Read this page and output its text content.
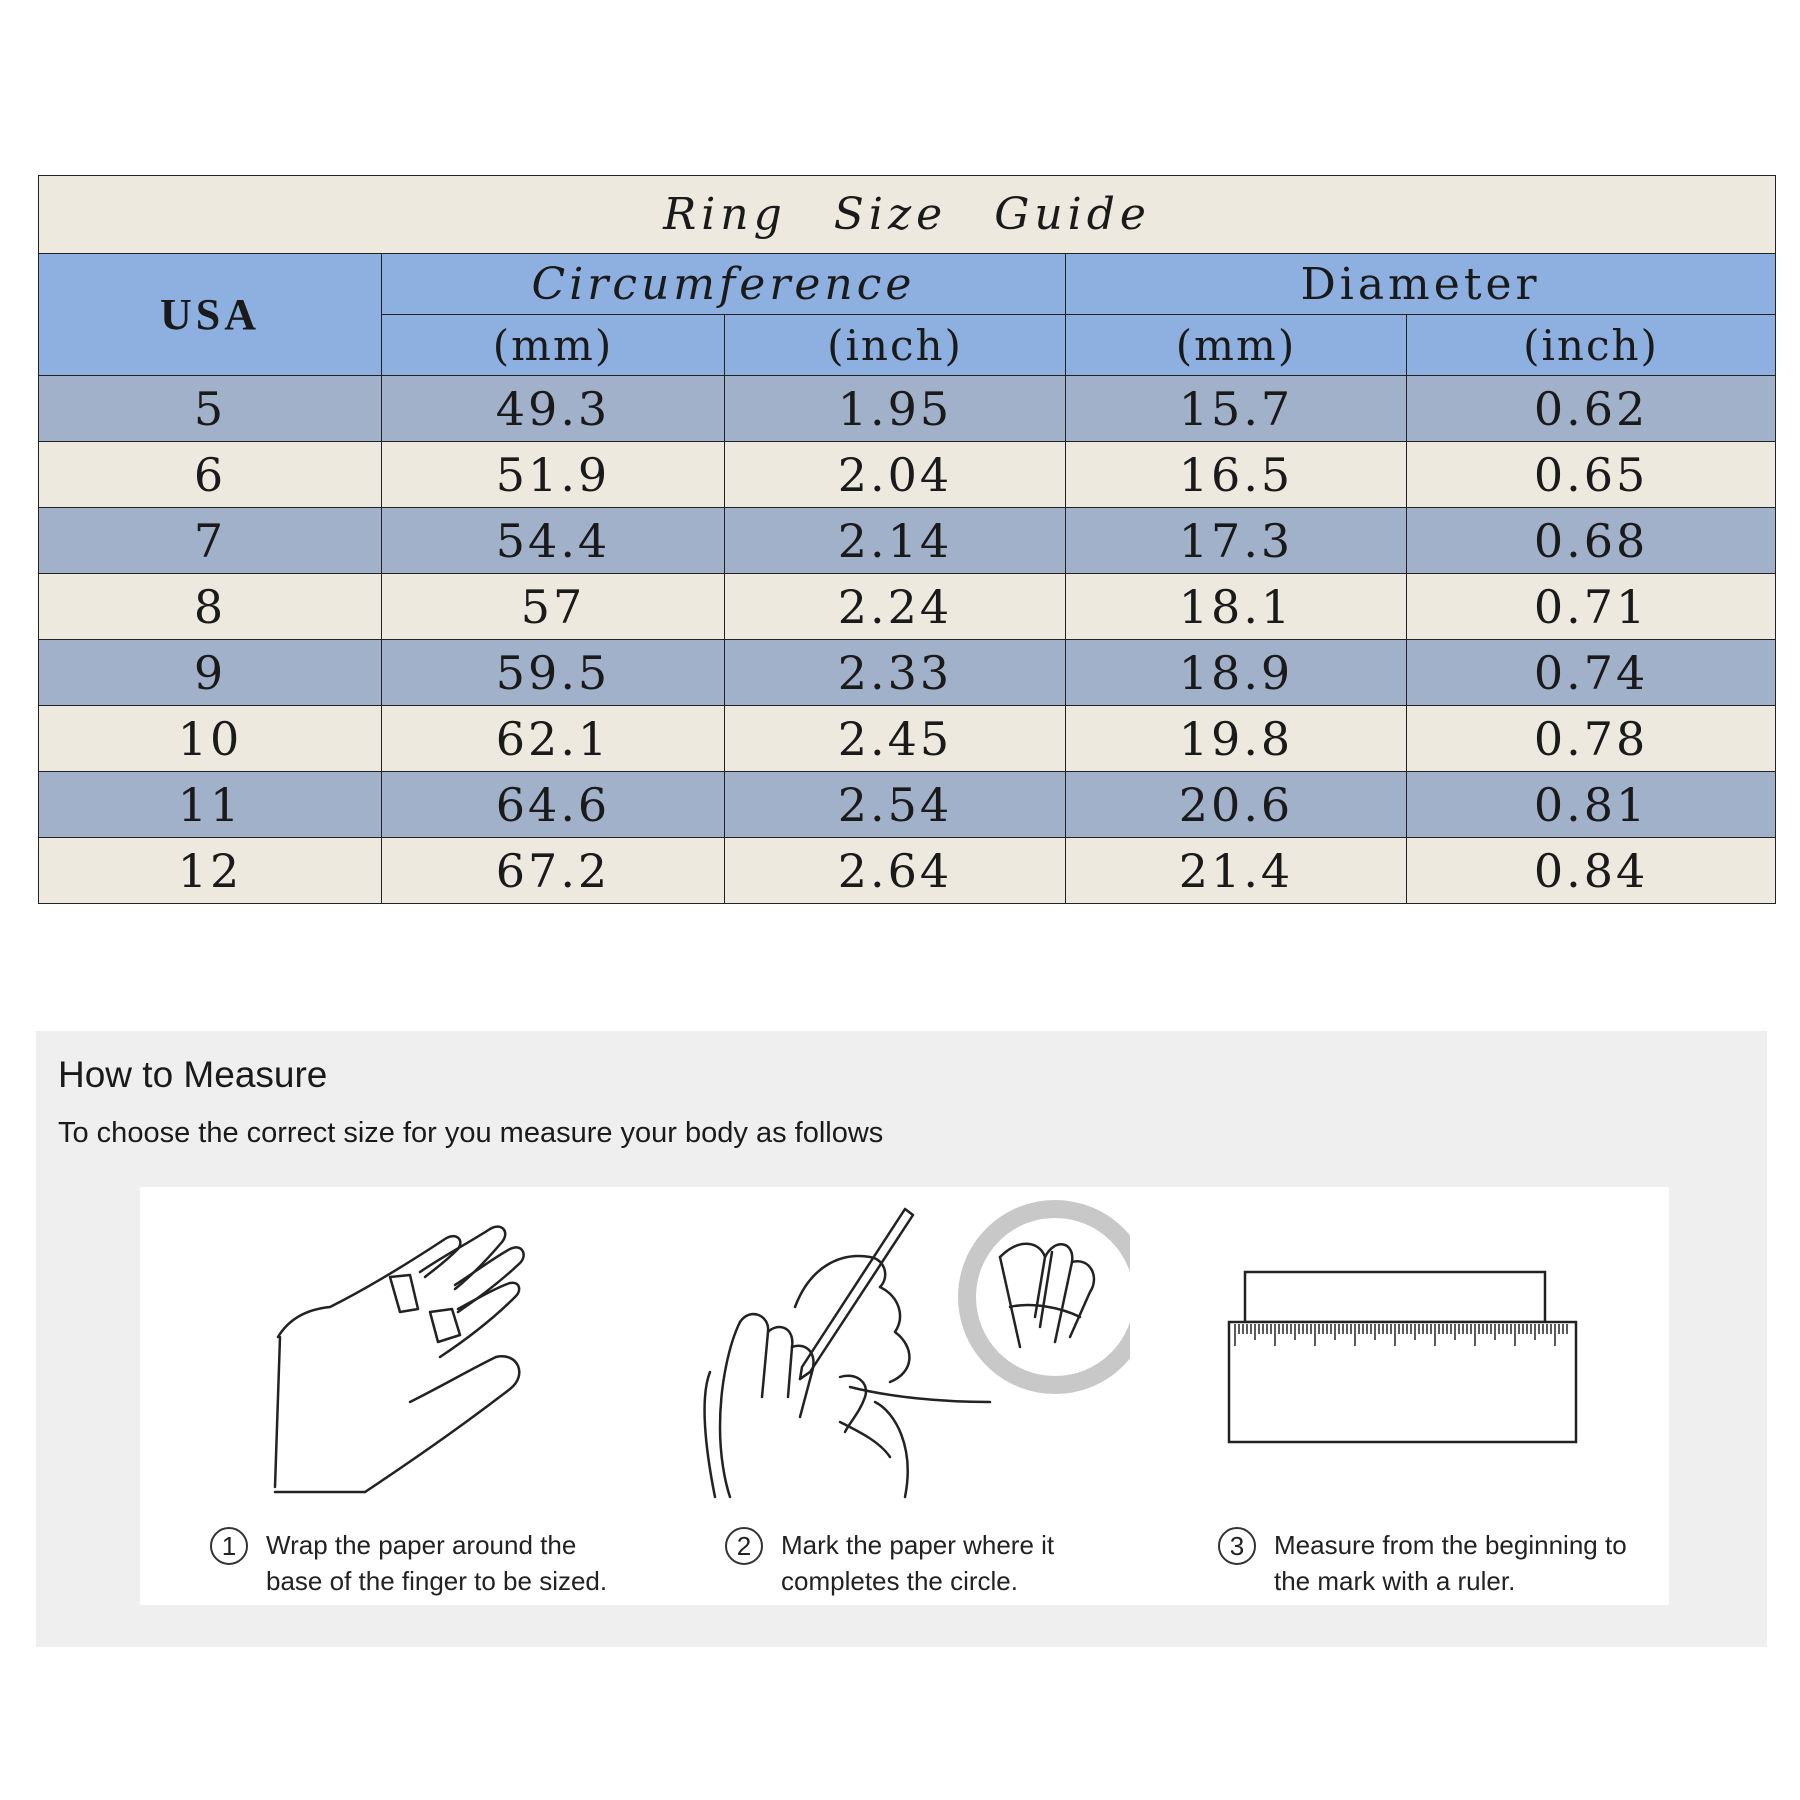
Ring Size Guide				
USA	Circumference		Diameter	
	(mm)	(inch)	(mm)	(inch)
5	49.3	1.95	15.7	0.62
6	51.9	2.04	16.5	0.65
7	54.4	2.14	17.3	0.68
8	57	2.24	18.1	0.71
9	59.5	2.33	18.9	0.74
10	62.1	2.45	19.8	0.78
11	64.6	2.54	20.6	0.81
12	67.2	2.64	21.4	0.84
How to Measure
To choose the correct size for you measure your body as follows
1	Wrap the paper around the
base of the finger to be sized.
2	Mark the paper where it
completes the circle.
3	Measure from the beginning to
the mark with a ruler.
